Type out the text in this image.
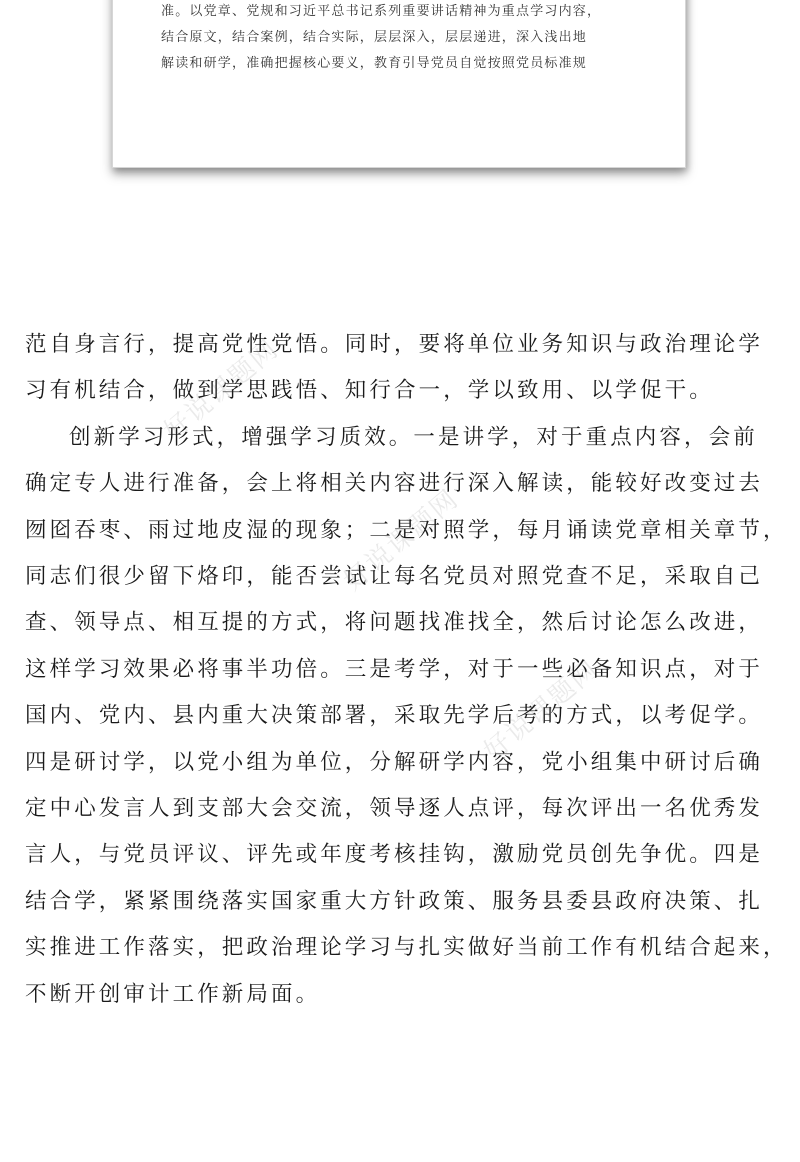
准。以党章、党规和习近平总书记系列重要讲话精神为重点学习内容，
结合原文，结合案例，结合实际，层层深入，层层递进，深入浅出地
解读和研学，准确把握核心要义，教育引导党员自觉按照党员标准规
好说课题网
好说课题网
好说课题网
范自身言行，提高党性党悟。同时，要将单位业务知识与政治理论学
习有机结合，做到学思践悟、知行合一，学以致用、以学促干。
创新学习形式，增强学习质效。一是讲学，对于重点内容，会前
确定专人进行准备，会上将相关内容进行深入解读，能较好改变过去
囫囵吞枣、雨过地皮湿的现象；二是对照学，每月诵读党章相关章节，
同志们很少留下烙印，能否尝试让每名党员对照党查不足，采取自己
查、领导点、相互提的方式，将问题找准找全，然后讨论怎么改进，
这样学习效果必将事半功倍。三是考学，对于一些必备知识点，对于
国内、党内、县内重大决策部署，采取先学后考的方式，以考促学。
四是研讨学，以党小组为单位，分解研学内容，党小组集中研讨后确
定中心发言人到支部大会交流，领导逐人点评，每次评出一名优秀发
言人，与党员评议、评先或年度考核挂钩，激励党员创先争优。四是
结合学，紧紧围绕落实国家重大方针政策、服务县委县政府决策、扎
实推进工作落实，把政治理论学习与扎实做好当前工作有机结合起来，
不断开创审计工作新局面。
